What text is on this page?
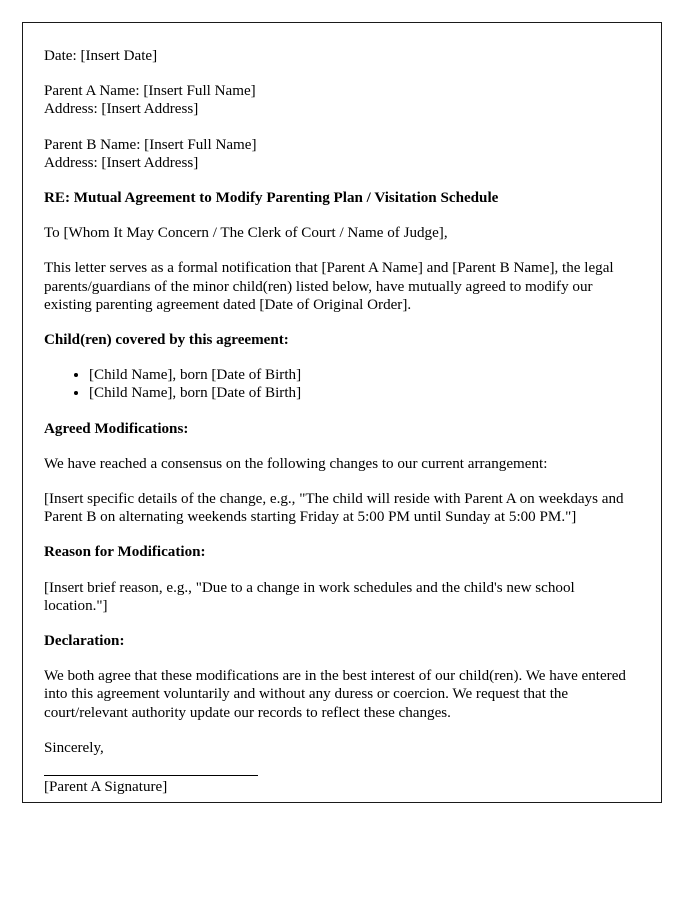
Date: [Insert Date]

Parent A Name: [Insert Full Name]

Address: [Insert Address]

Parent B Name: [Insert Full Name]

Address: [Insert Address]

RE: Mutual Agreement to Modify Parenting Plan / Visitation Schedule

To [Whom It May Concern / The Clerk of Court / Name of Judge],

This letter serves as a formal notification that [Parent A Name] and [Parent B Name], the legal parents/guardians of the minor child(ren) listed below, have mutually agreed to modify our existing parenting agreement dated [Date of Original Order].

Child(ren) covered by this agreement:

• [Child Name], born [Date of Birth]
• [Child Name], born [Date of Birth]

Agreed Modifications:

We have reached a consensus on the following changes to our current arrangement:

[Insert specific details of the change, e.g., "The child will reside with Parent A on weekdays and Parent B on alternating weekends starting Friday at 5:00 PM until Sunday at 5:00 PM."]

Reason for Modification:

[Insert brief reason, e.g., "Due to a change in work schedules and the child's new school location."]

Declaration:

We both agree that these modifications are in the best interest of our child(ren). We have entered into this agreement voluntarily and without any duress or coercion. We request that the court/relevant authority update our records to reflect these changes.

Sincerely,

[Parent A Signature]
